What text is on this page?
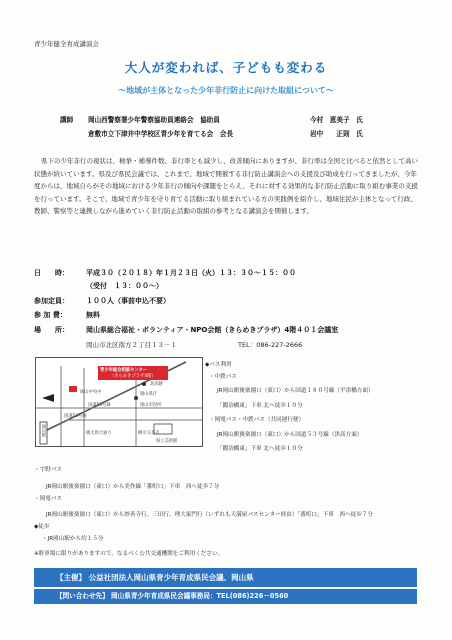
青少年健全育成講演会
大人が変われば、子どもも変わる
～地域が主体となった少年非行防止に向けた取組について～
講師 岡山西警察署少年警察協助員連絡会　協助員	今村　恵美子　氏
倉敷市立下津井中学校区青少年を育てる会　会長	岩中　　正則　氏
県下の少年非行の現状は、検挙・補導件数、非行率とも減少し、改善傾向にありますが、非行率は全国と比べると依然として高い状態が続いています。県及び県民会議では、これまで、地域で開催する非行防止講演会への支援及び助成を行ってきましたが、今年度からは、地域自らがその地域における少年非行の傾向や課題をとらえ、それに対する効果的な非行防止活動に取り組む事業の支援を行っています。そこで、地域で青少年を守り育てる活動に取り組まれている方の実践例を紹介し、地域住民が主体となって行政、教師、警察等と連携しながら進めていく非行防止活動の取組の参考となる講演会を開催します。
日　　時： 平成３０（２０１８）年１月２３日（火）１３：３０～１５：００
（受付　１３：００～）
参加定員： １００人（事前申込不要）
参 加 費：	無料
場　　所： 岡山県総合福祉・ボランティア・NPO会館（きらめきプラザ）4階４０１会議室
岡山市北区南方２丁目１３－１	TEL：086-227-2666
青少年総合相談センター
（きらめきプラザ4階）
北高跡
岡山中央中	岡山県庁
国道53号線	岡山市役所
国道53号線
桃太郎大通り	柳川交差点
県立美術館
岡山駅
◆バス利用
・中鉄バス
JR岡山駅後楽園口（東口）から国道１８０号線（平津橋方面）
「鍛冶橋東」下車 北へ徒歩１０分
・岡電バス・中鉄バス（共同運行便）
JR岡山駅後楽園口（東口）から国道５３号線（津高方面）
「鍛冶橋東」下車 北へ徒歩１０分
・宇野バス
JR岡山駅後楽園口（東口）から美作線「番町口」下車　西へ徒歩７分
・岡電バス
JR岡山駅後楽園口（東口）から妙善寺行、三田行、理大東門行（いずれも天満屋バスセンター経由）「番町口」下車　西へ徒歩７分
◆徒歩
・JR岡山駅から約１５分
※駐車場に限りがありますので、なるべく公共交通機関をご利用ください。
【主催】 公益社団法人岡山県青少年育成県民会議、岡山県
【問い合わせ先】 岡山県青少年育成県民会議事務局：TEL(086)226－0560
